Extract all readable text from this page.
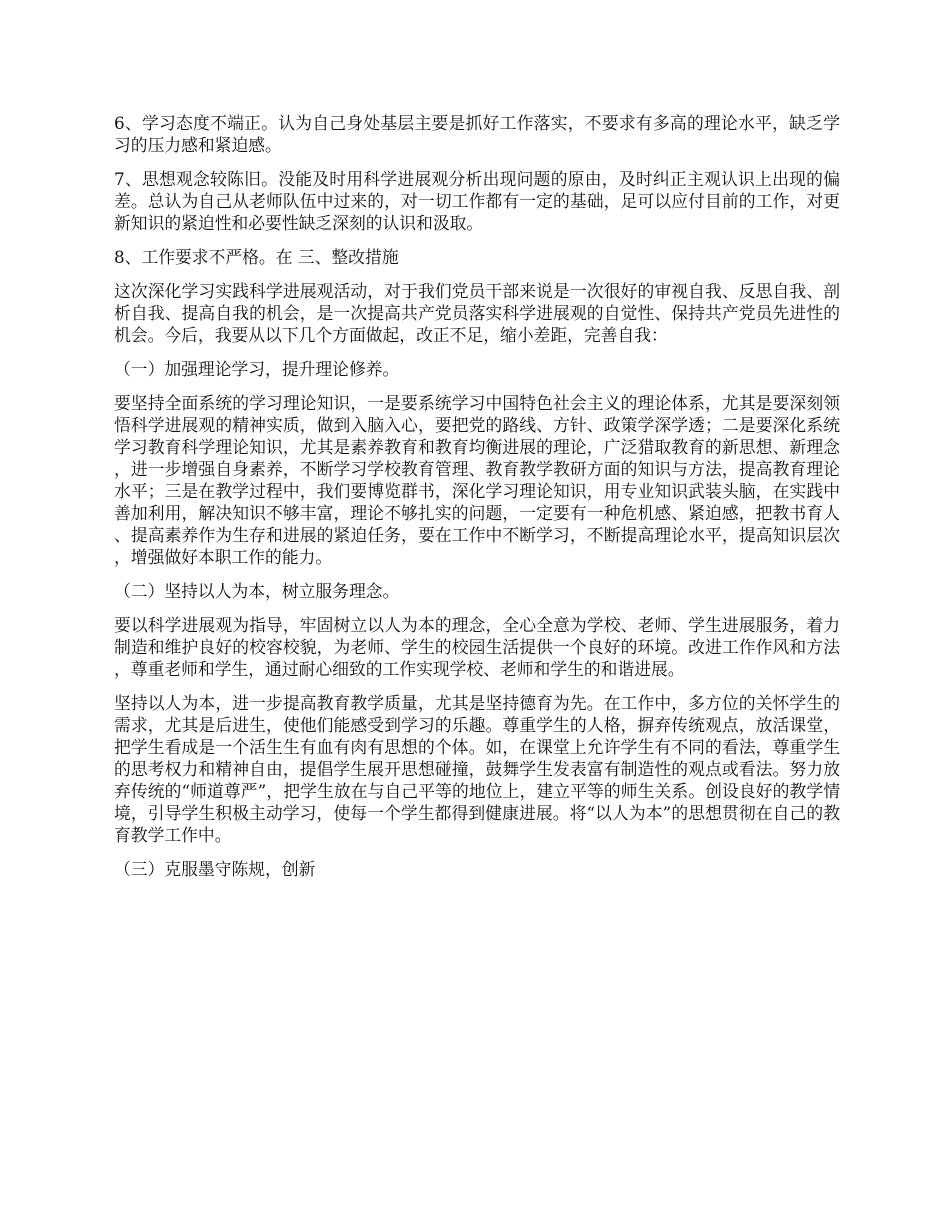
6、学习态度不端正。认为自己身处基层主要是抓好工作落实，不要求有多高的理论水平，缺乏学习的压力感和紧迫感。

7、思想观念较陈旧。没能及时用科学进展观分析出现问题的原由，及时纠正主观认识上出现的偏差。总认为自己从老师队伍中过来的，对一切工作都有一定的基础，足可以应付目前的工作，对更新知识的紧迫性和必要性缺乏深刻的认识和汲取。

8、工作要求不严格。在 三、整改措施

这次深化学习实践科学进展观活动，对于我们党员干部来说是一次很好的审视自我、反思自我、剖析自我、提高自我的机会，是一次提高共产党员落实科学进展观的自觉性、保持共产党员先进性的机会。今后，我要从以下几个方面做起，改正不足，缩小差距，完善自我：

（一）加强理论学习，提升理论修养。

要坚持全面系统的学习理论知识，一是要系统学习中国特色社会主义的理论体系，尤其是要深刻领悟科学进展观的精神实质，做到入脑入心，要把党的路线、方针、政策学深学透；二是要深化系统学习教育科学理论知识，尤其是素养教育和教育均衡进展的理论，广泛猎取教育的新思想、新理念，进一步增强自身素养，不断学习学校教育管理、教育教学教研方面的知识与方法，提高教育理论水平；三是在教学过程中，我们要博览群书，深化学习理论知识，用专业知识武装头脑，在实践中善加利用，解决知识不够丰富，理论不够扎实的问题，一定要有一种危机感、紧迫感，把教书育人、提高素养作为生存和进展的紧迫任务，要在工作中不断学习，不断提高理论水平，提高知识层次，增强做好本职工作的能力。

（二）坚持以人为本，树立服务理念。

要以科学进展观为指导，牢固树立以人为本的理念，全心全意为学校、老师、学生进展服务，着力制造和维护良好的校容校貌，为老师、学生的校园生活提供一个良好的环境。改进工作作风和方法，尊重老师和学生，通过耐心细致的工作实现学校、老师和学生的和谐进展。

坚持以人为本，进一步提高教育教学质量，尤其是坚持德育为先。在工作中，多方位的关怀学生的需求，尤其是后进生，使他们能感受到学习的乐趣。尊重学生的人格，摒弃传统观点，放活课堂，把学生看成是一个活生生有血有肉有思想的个体。如，在课堂上允许学生有不同的看法，尊重学生的思考权力和精神自由，提倡学生展开思想碰撞，鼓舞学生发表富有制造性的观点或看法。努力放弃传统的“师道尊严”，把学生放在与自己平等的地位上，建立平等的师生关系。创设良好的教学情境，引导学生积极主动学习，使每一个学生都得到健康进展。将“以人为本”的思想贯彻在自己的教育教学工作中。

（三）克服墨守陈规，创新
